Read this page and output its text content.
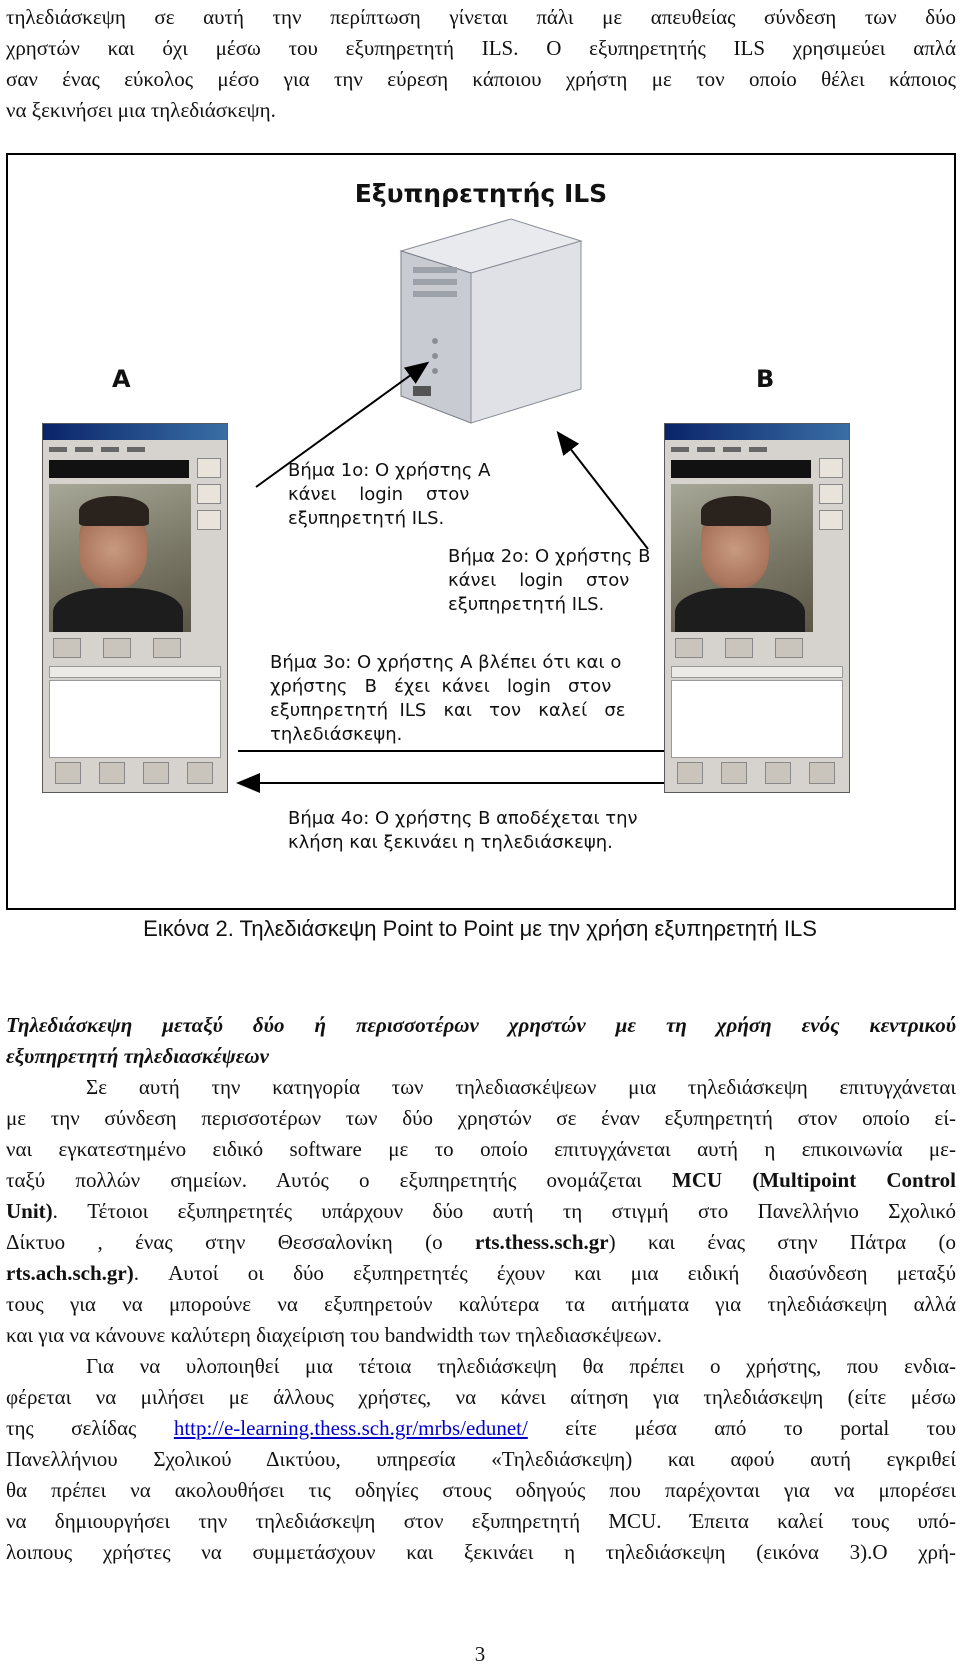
τηλεδιάσκεψη σε αυτή την περίπτωση γίνεται πάλι με απευθείας σύνδεση των δύο
χρηστών και όχι μέσω του εξυπηρετητή ILS. Ο εξυπηρετητής ILS χρησιμεύει απλά
σαν ένας εύκολος μέσο για την εύρεση κάποιου χρήστη με τον οποίο θέλει κάποιος
να ξεκινήσει μια τηλεδιάσκεψη.
Εξυπηρετητής ILS
A	B
Βήμα 1ο: Ο χρήστης A
κάνει    login    στον
εξυπηρετητή ILS.
Βήμα 2ο: Ο χρήστης B
κάνει    login    στον
εξυπηρετητή ILS.
Βήμα 3ο: Ο χρήστης A βλέπει ότι και ο
χρήστης   B   έχει  κάνει   login   στον
εξυπηρετητή  ILS   και   τον   καλεί   σε
τηλεδιάσκεψη.
Βήμα 4ο: Ο χρήστης B αποδέχεται την
κλήση και ξεκινάει η τηλεδιάσκεψη.
Εικόνα 2. Τηλεδιάσκεψη Point to Point με την χρήση εξυπηρετητή ILS
Τηλεδιάσκεψη μεταξύ δύο ή περισσοτέρων χρηστών με τη χρήση ενός κεντρικού
εξυπηρετητή τηλεδιασκέψεων
Σε αυτή την κατηγορία των τηλεδιασκέψεων μια τηλεδιάσκεψη επιτυγχάνεται
με την σύνδεση περισσοτέρων των δύο χρηστών σε έναν εξυπηρετητή στον οποίο εί-
ναι εγκατεστημένο ειδικό software με το οποίο επιτυγχάνεται αυτή η επικοινωνία με-
ταξύ πολλών σημείων. Αυτός ο εξυπηρετητής ονομάζεται MCU (Multipoint Control
Unit). Τέτοιοι εξυπηρετητές υπάρχουν δύο αυτή τη στιγμή στο Πανελλήνιο Σχολικό
Δίκτυο , ένας στην Θεσσαλονίκη (ο rts.thess.sch.gr) και ένας στην Πάτρα (ο
rts.ach.sch.gr). Αυτοί οι δύο εξυπηρετητές έχουν και μια ειδική διασύνδεση μεταξύ
τους για να μπορούνε να εξυπηρετούν καλύτερα τα αιτήματα για τηλεδιάσκεψη αλλά
και για να κάνουνε καλύτερη διαχείριση του bandwidth των τηλεδιασκέψεων.
Για να υλοποιηθεί μια τέτοια τηλεδιάσκεψη θα πρέπει ο χρήστης, που ενδια-
φέρεται να μιλήσει με άλλους χρήστες, να κάνει αίτηση για τηλεδιάσκεψη (είτε μέσω
της σελίδας http://e-learning.thess.sch.gr/mrbs/edunet/ είτε μέσα από το portal του
Πανελλήνιου Σχολικού Δικτύου, υπηρεσία «Τηλεδιάσκεψη) και αφού αυτή εγκριθεί
θα πρέπει να ακολουθήσει τις οδηγίες στους οδηγούς που παρέχονται για να μπορέσει
να δημιουργήσει την τηλεδιάσκεψη στον εξυπηρετητή MCU. Έπειτα καλεί τους υπό-
λοιπους χρήστες να συμμετάσχουν και ξεκινάει η τηλεδιάσκεψη (εικόνα 3).Ο χρή-
3
